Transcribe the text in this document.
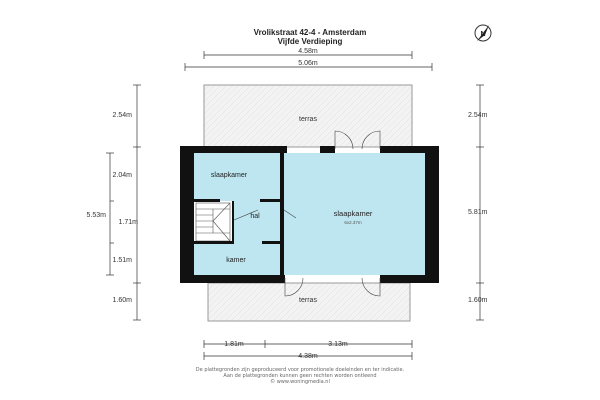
Vrolikstraat 42-4 - Amsterdam
Vijfde Verdieping
N
4.58m
5.06m
terras
terras
slaapkamer
hal
kamer
slaapkamer
6x2.37m
2.54m
2.04m
1.71m
1.51m
5.53m
1.60m
2.54m
5.81m
1.60m
1.81m	3.13m
4.38m
De plattegronden zijn geproduceerd voor promotionele doeleinden en ter indicatie.
Aan de plattegronden kunnen geen rechten worden ontleend
© www.woningmedia.nl
